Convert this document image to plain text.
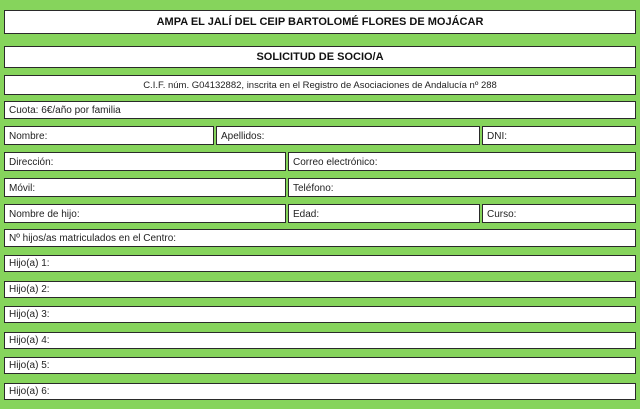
AMPA EL JALÍ DEL CEIP BARTOLOMÉ FLORES DE MOJÁCAR
SOLICITUD DE SOCIO/A
C.I.F. núm. G04132882, inscrita en el Registro de Asociaciones de Andalucía nº 288
Cuota: 6€/año por familia
Nombre:	Apellidos:	DNI:
Dirección:	Correo electrónico:
Móvil:	Teléfono:
Nombre de hijo:	Edad:	Curso:
Nº hijos/as matriculados en el Centro:
Hijo(a) 1:
Hijo(a) 2:
Hijo(a) 3:
Hijo(a) 4:
Hijo(a) 5:
Hijo(a) 6:
